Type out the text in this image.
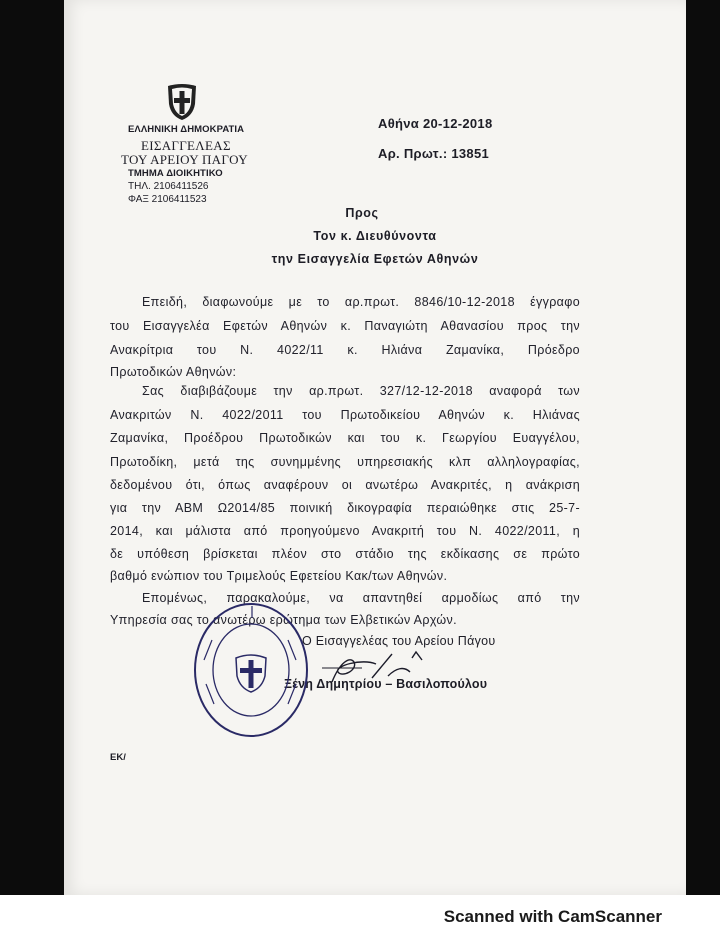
ΕΛΛΗΝΙΚΗ ΔΗΜΟΚΡΑΤΙΑ
ΕΙΣΑΓΓΕΛΕΑΣ
ΤΟΥ ΑΡΕΙΟΥ ΠΑΓΟΥ
ΤΜΗΜΑ ΔΙΟΙΚΗΤΙΚΟ
ΤΗΛ. 2106411526
ΦΑΞ 2106411523
Αθήνα 20-12-2018
Αρ. Πρωτ.: 13851
Προς
Τον κ. Διευθύνοντα
την Εισαγγελία Εφετών Αθηνών
Επειδή, διαφωνούμε με το αρ.πρωτ. 8846/10-12-2018 έγγραφο
του Εισαγγελέα Εφετών Αθηνών κ. Παναγιώτη Αθανασίου προς την
Ανακρίτρια του Ν. 4022/11 κ. Ηλιάνα Ζαμανίκα, Πρόεδρο
Πρωτοδικών Αθηνών:
Σας διαβιβάζουμε την αρ.πρωτ. 327/12-12-2018 αναφορά των
Ανακριτών Ν. 4022/2011 του Πρωτοδικείου Αθηνών κ. Ηλιάνας
Ζαμανίκα, Προέδρου Πρωτοδικών και του κ. Γεωργίου Ευαγγέλου,
Πρωτοδίκη, μετά της συνημμένης υπηρεσιακής κλπ αλληλογραφίας,
δεδομένου ότι, όπως αναφέρουν οι ανωτέρω Ανακριτές, η ανάκριση
για την ΑΒΜ Ω2014/85 ποινική δικογραφία περαιώθηκε στις 25-7-
2014, και μάλιστα από προηγούμενο Ανακριτή του Ν. 4022/2011, η
δε υπόθεση βρίσκεται πλέον στο στάδιο της εκδίκασης σε πρώτο
βαθμό ενώπιον του Τριμελούς Εφετείου Κακ/των Αθηνών.
Επομένως, παρακαλούμε, να απαντηθεί αρμοδίως από την
Υπηρεσία σας το ανωτέρω ερώτημα των Ελβετικών Αρχών.
Ο Εισαγγελέας του Αρείου Πάγου
Ξένη Δημητρίου – Βασιλοπούλου
ΕΚ/
Scanned with CamScanner
